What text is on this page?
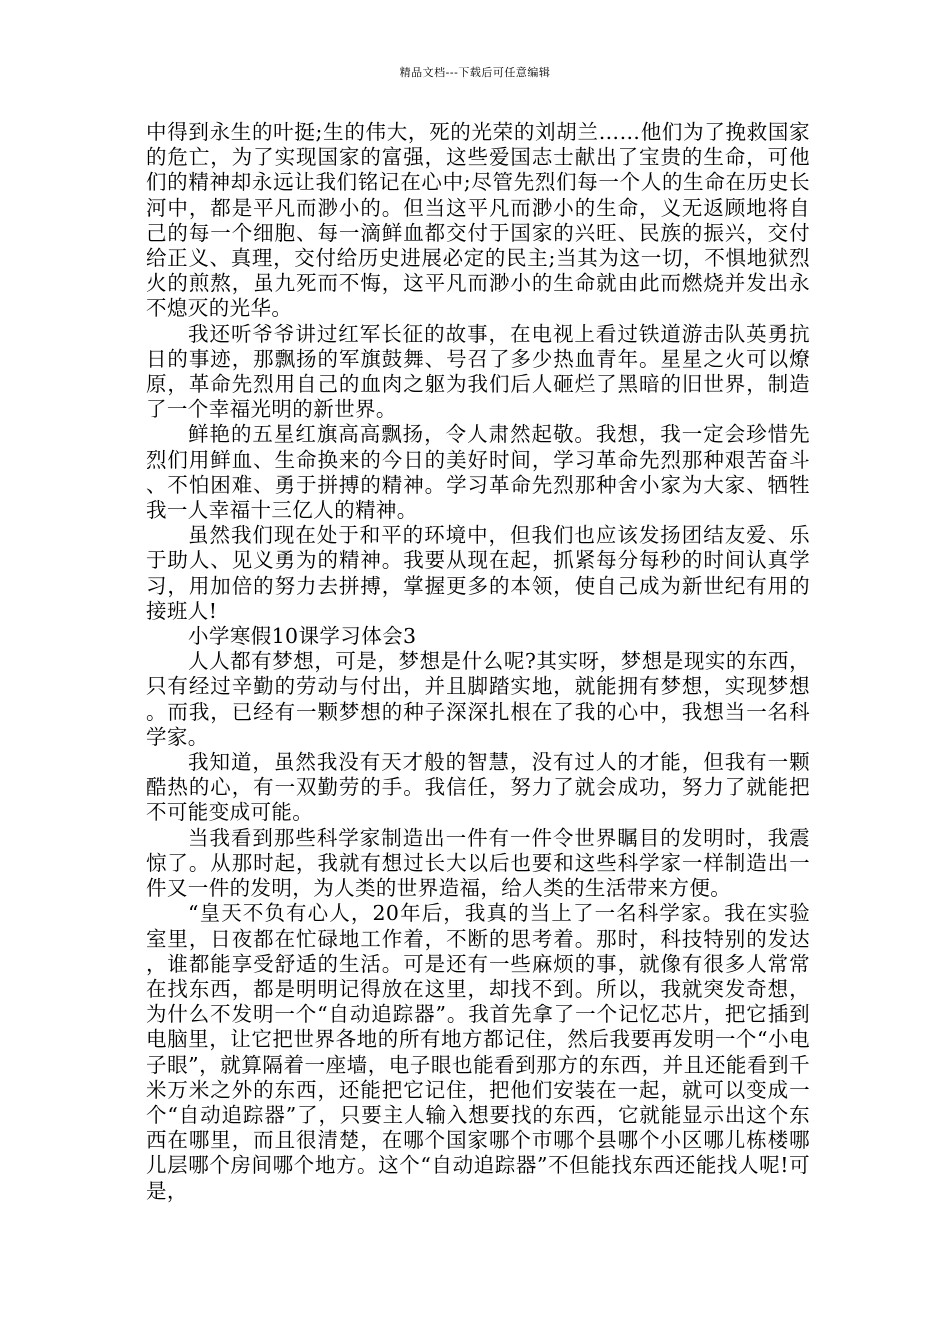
精品文档---下载后可任意编辑

中得到永生的叶挺;生的伟大，死的光荣的刘胡兰……他们为了挽救国家的危亡，为了实现国家的富强，这些爱国志士献出了宝贵的生命，可他们的精神却永远让我们铭记在心中;尽管先烈们每一个人的生命在历史长河中，都是平凡而渺小的。但当这平凡而渺小的生命，义无返顾地将自己的每一个细胞、每一滴鲜血都交付于国家的兴旺、民族的振兴，交付给正义、真理，交付给历史进展必定的民主;当其为这一切，不惧地狱烈火的煎熬，虽九死而不悔，这平凡而渺小的生命就由此而燃烧并发出永不熄灭的光华。

我还听爷爷讲过红军长征的故事，在电视上看过铁道游击队英勇抗日的事迹，那飘扬的军旗鼓舞、号召了多少热血青年。星星之火可以燎原，革命先烈用自己的血肉之躯为我们后人砸烂了黑暗的旧世界，制造了一个幸福光明的新世界。

鲜艳的五星红旗高高飘扬，令人肃然起敬。我想，我一定会珍惜先烈们用鲜血、生命换来的今日的美好时间，学习革命先烈那种艰苦奋斗、不怕困难、勇于拼搏的精神。学习革命先烈那种舍小家为大家、牺牲我一人幸福十三亿人的精神。

虽然我们现在处于和平的环境中，但我们也应该发扬团结友爱、乐于助人、见义勇为的精神。我要从现在起，抓紧每分每秒的时间认真学习，用加倍的努力去拼搏，掌握更多的本领，使自己成为新世纪有用的接班人!

小学寒假10课学习体会3

人人都有梦想，可是，梦想是什么呢?其实呀，梦想是现实的东西，只有经过辛勤的劳动与付出，并且脚踏实地，就能拥有梦想，实现梦想。而我，已经有一颗梦想的种子深深扎根在了我的心中，我想当一名科学家。

我知道，虽然我没有天才般的智慧，没有过人的才能，但我有一颗酷热的心，有一双勤劳的手。我信任，努力了就会成功，努力了就能把不可能变成可能。

当我看到那些科学家制造出一件有一件令世界瞩目的发明时，我震惊了。从那时起，我就有想过长大以后也要和这些科学家一样制造出一件又一件的发明，为人类的世界造福，给人类的生活带来方便。

“皇天不负有心人，20年后，我真的当上了一名科学家。我在实验室里，日夜都在忙碌地工作着，不断的思考着。那时，科技特别的发达，谁都能享受舒适的生活。可是还有一些麻烦的事，就像有很多人常常在找东西，都是明明记得放在这里，却找不到。所以，我就突发奇想，为什么不发明一个“自动追踪器”。我首先拿了一个记忆芯片，把它插到电脑里，让它把世界各地的所有地方都记住，然后我要再发明一个“小电子眼”，就算隔着一座墙，电子眼也能看到那方的东西，并且还能看到千米万米之外的东西，还能把它记住，把他们安装在一起，就可以变成一个“自动追踪器”了，只要主人输入想要找的东西，它就能显示出这个东西在哪里，而且很清楚，在哪个国家哪个市哪个县哪个小区哪儿栋楼哪儿层哪个房间哪个地方。这个“自动追踪器”不但能找东西还能找人呢!可是，
